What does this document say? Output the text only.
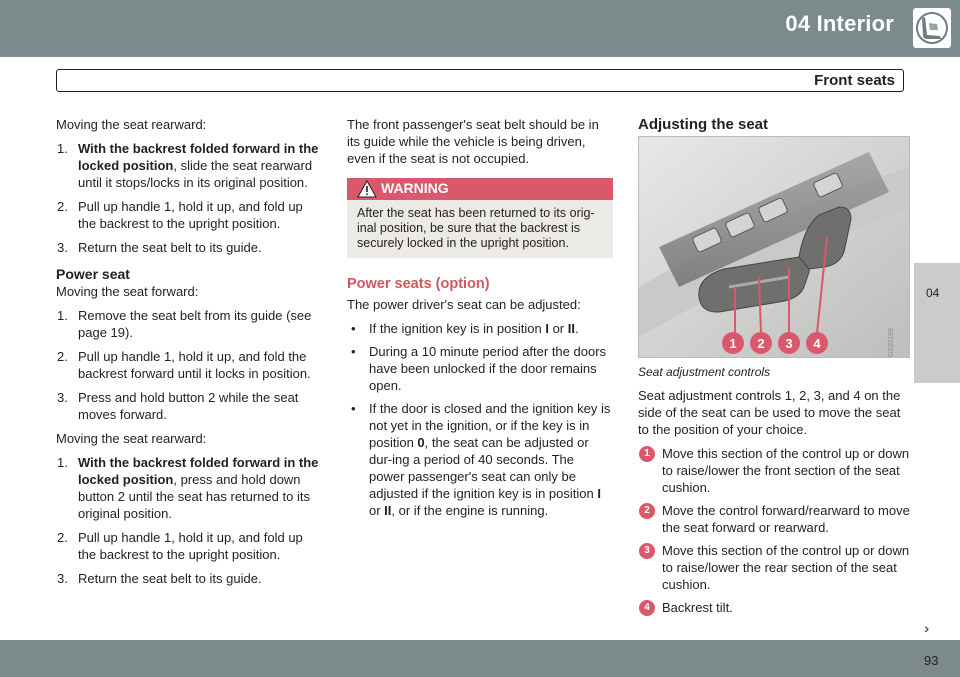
04 Interior
Front seats
04

Moving the seat rearward:

1. With the backrest folded forward in the locked position, slide the seat rearward until it stops/locks in its original position.
2. Pull up handle 1, hold it up, and fold up the backrest to the upright position.
3. Return the seat belt to its guide.
Power seat

Moving the seat forward:

1. Remove the seat belt from its guide (see page 19).
2. Pull up handle 1, hold it up, and fold the backrest forward until it locks in position.
3. Press and hold button 2 while the seat moves forward.

Moving the seat rearward:

1. With the backrest folded forward in the locked position, press and hold down button 2 until the seat has returned to its original position.
2. Pull up handle 1, hold it up, and fold up the backrest to the upright position.
3. Return the seat belt to its guide.

The front passenger's seat belt should be in its guide while the vehicle is being driven, even if the seat is not occupied.

WARNING
After the seat has been returned to its orig-inal position, be sure that the backrest is securely locked in the upright position.
Power seats (option)

The power driver's seat can be adjusted:

• If the ignition key is in position I or II.
• During a 10 minute period after the doors have been unlocked if the door remains open.
• If the door is closed and the ignition key is not yet in the ignition, or if the key is in position 0, the seat can be adjusted or dur-ing a period of 40 seconds. The power passenger's seat can only be adjusted if the ignition key is in position I or II, or if the engine is running.
Adjusting the seat
1 2 3 4	G020199
Seat adjustment controls

Seat adjustment controls 1, 2, 3, and 4 on the side of the seat can be used to move the seat to the position of your choice.

1 Move this section of the control up or down to raise/lower the front section of the seat cushion.
2 Move the control forward/rearward to move the seat forward or rearward.
3 Move this section of the control up or down to raise/lower the rear section of the seat cushion.
4 Backrest tilt.
››
93
